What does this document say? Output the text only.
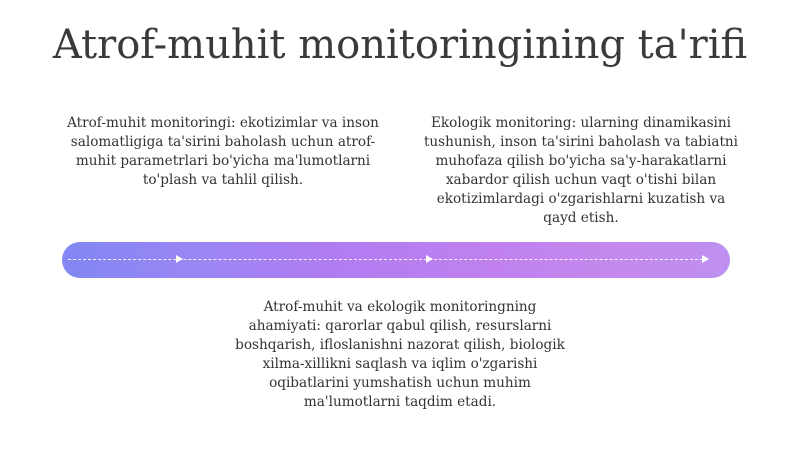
Atrof-muhit monitoringining ta'rifi

Atrof-muhit monitoringi: ekotizimlar va inson salomatligiga ta'sirini baholash uchun atrof-muhit parametrlari bo'yicha ma'lumotlarni to'plash va tahlil qilish.

Ekologik monitoring: ularning dinamikasini tushunish, inson ta'sirini baholash va tabiatni muhofaza qilish bo'yicha sa'y-harakatlarni xabardor qilish uchun vaqt o'tishi bilan ekotizimlardagi o'zgarishlarni kuzatish va qayd etish.

Atrof-muhit va ekologik monitoringning ahamiyati: qarorlar qabul qilish, resurslarni boshqarish, ifloslanishni nazorat qilish, biologik xilma-xillikni saqlash va iqlim o'zgarishi oqibatlarini yumshatish uchun muhim ma'lumotlarni taqdim etadi.
